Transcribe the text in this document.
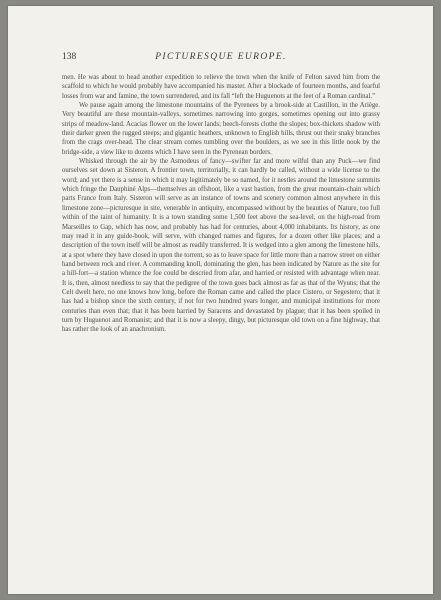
138	PICTURESQUE EUROPE.

men. He was about to head another expedition to relieve the town when the knife of Felton saved him from the scaffold to which he would probably have accompanied his master. After a blockade of fourteen months, and fearful losses from war and famine, the town surrendered, and its fall “left the Huguenots at the feet of a Roman cardinal.”

We pause again among the limestone mountains of the Pyrenees by a brook-side at Castillon, in the Ariège. Very beautiful are these mountain-valleys, sometimes narrowing into gorges, sometimes opening out into grassy strips of meadow-land. Acacias flower on the lower lands; beech-forests clothe the slopes; box-thickets shadow with their darker green the rugged steeps; and gigantic heathers, unknown to English hills, thrust out their snaky branches from the crags over-head. The clear stream comes tumbling over the boulders, as we see in this little nook by the bridge-side, a view like to dozens which I have seen in the Pyrenean borders.

Whisked through the air by the Asmodeus of fancy—swifter far and more wilful than any Puck—we find ourselves set down at Sisteron. A frontier town, territorially, it can hardly be called, without a wide license to the word; and yet there is a sense in which it may legitimately be so named, for it nestles around the limestone summits which fringe the Dauphiné Alps—themselves an offshoot, like a vast bastion, from the great mountain-chain which parts France from Italy. Sisteron will serve as an instance of towns and scenery common almost anywhere in this limestone zone—picturesque in site, venerable in antiquity, encompassed without by the beauties of Nature, too full within of the taint of humanity. It is a town standing some 1,500 feet above the sea-level, on the high-road from Marseilles to Gap, which has now, and probably has had for centuries, about 4,000 inhabitants. Its history, as one may read it in any guide-book, will serve, with changed names and figures, for a dozen other like places; and a description of the town itself will be almost as readily transferred. It is wedged into a glen among the limestone hills, at a spot where they have closed in upon the torrent, so as to leave space for little more than a narrow street on either hand between rock and river. A commanding knoll, dominating the glen, has been indicated by Nature as the site for a hill-fort—a station whence the foe could be descried from afar, and harried or resisted with advantage when near. It is, then, almost needless to say that the pedigree of the town goes back almost as far as that of the Wyuns; that the Celt dwelt here, no one knows how long, before the Roman came and called the place Cistero, or Segestero; that it has had a bishop since the sixth century, if not for two hundred years longer, and municipal institutions for more centuries than even that; that it has been harried by Saracens and devastated by plague; that it has been spoiled in turn by Huguenot and Romanist; and that it is now a sleepy, dingy, but picturesque old town on a fine highway, that has rather the look of an anachronism.
